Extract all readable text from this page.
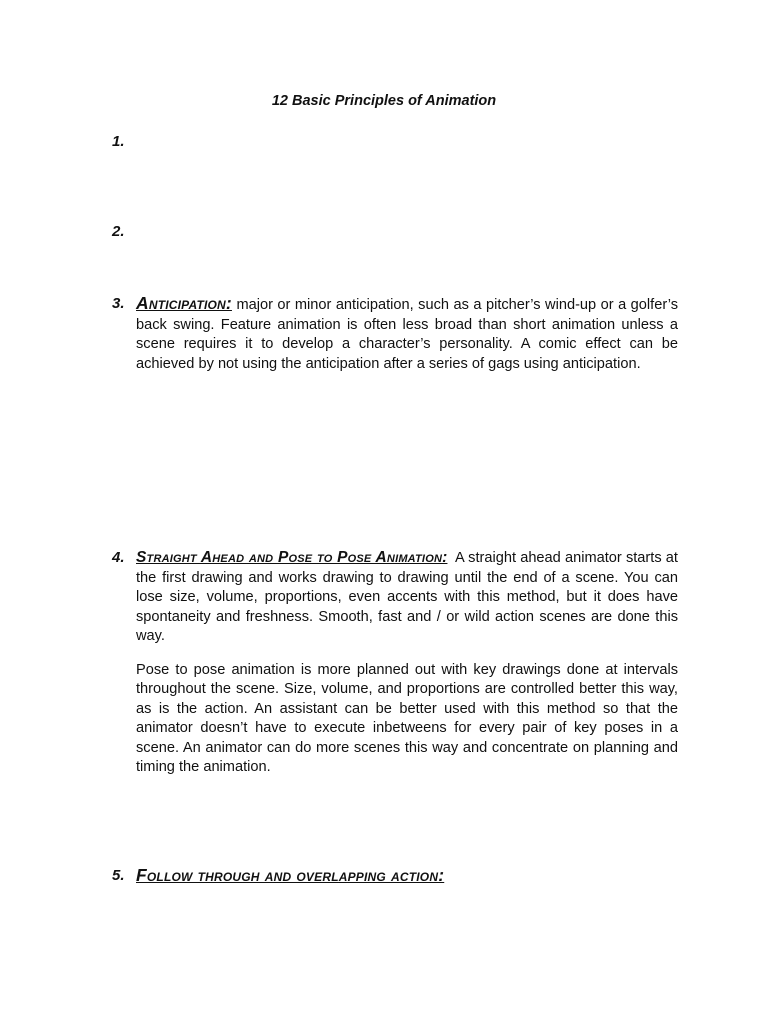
12 Basic Principles of Animation
1.
2.
3. Anticipation: major or minor anticipation, such as a pitcher’s wind-up or a golfer’s back swing. Feature animation is often less broad than short animation unless a scene requires it to develop a character’s personality. A comic effect can be achieved by not using the anticipation after a series of gags using anticipation.

4. Straight Ahead and Pose to Pose Animation: A straight ahead animator starts at the first drawing and works drawing to drawing until the end of a scene. You can lose size, volume, proportions, even accents with this method, but it does have spontaneity and freshness. Smooth, fast and / or wild action scenes are done this way.

Pose to pose animation is more planned out with key drawings done at intervals throughout the scene. Size, volume, and proportions are controlled better this way, as is the action. An assistant can be better used with this method so that the animator doesn’t have to execute inbetweens for every pair of key poses in a scene. An animator can do more scenes this way and concentrate on planning and timing the animation.

5. Follow through and overlapping action:
